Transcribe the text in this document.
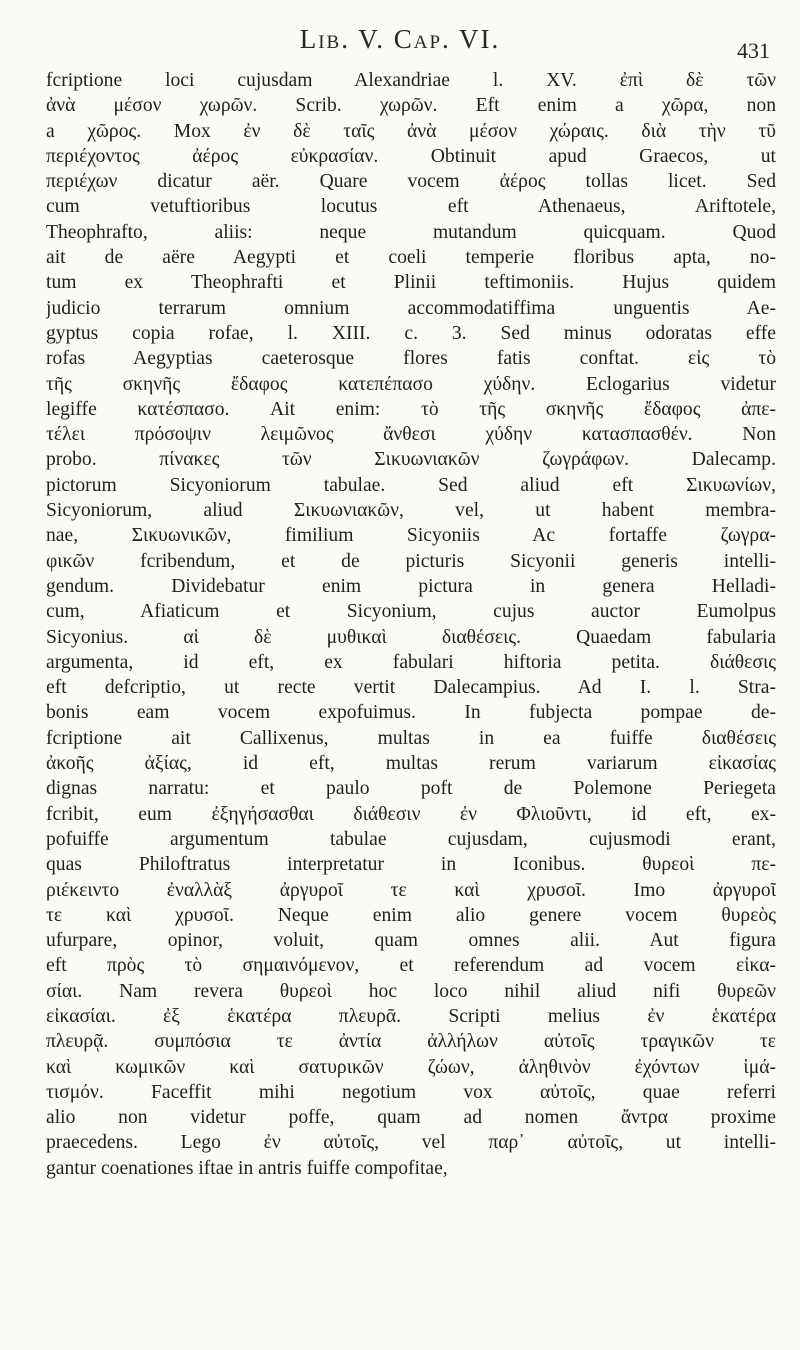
Lib. V. Cap. VI.	431
fcriptione loci cujusdam Alexandriae l. XV. ἐπὶ δὲ τῶν
ἀνὰ μέσον χωρῶν. Scrib. χωρῶν. Eft enim a χῶρα, non
a χῶρος. Mox ἐν δὲ ταῖς ἀνὰ μέσον χώραις. διὰ τὴν τῦ
περιέχοντος ἀέρος εὐκρασίαν. Obtinuit apud Graecos, ut
περιέχων dicatur aër. Quare vocem ἀέρος tollas licet. Sed
cum vetuftioribus locutus eft Athenaeus, Ariftotele,
Theophrafto, aliis: neque mutandum quicquam. Quod
ait de aëre Aegypti et coeli temperie floribus apta, no-
tum ex Theophrafti et Plinii teftimoniis. Hujus quidem
judicio terrarum omnium accommodatiffima unguentis Ae-
gyptus copia rofae, l. XIII. c. 3. Sed minus odoratas effe
rofas Aegyptias caeterosque flores fatis conftat. εἰς τὸ
τῆς σκηνῆς ἔδαφος κατεπέπασο χύδην. Eclogarius videtur
legiffe κατέσπασο. Ait enim: τὸ τῆς σκηνῆς ἔδαφος ἀπε-
τέλει πρόσοψιν λειμῶνος ἄνθεσι χύδην κατασπασθέν. Non
probo. πίνακες τῶν Σικυωνιακῶν ζωγράφων. Dalecamp.
pictorum Sicyoniorum tabulae. Sed aliud eft Σικυωνίων,
Sicyoniorum, aliud Σικυωνιακῶν, vel, ut habent membra-
nae, Σικυωνικῶν, fimilium Sicyoniis Ac fortaffe ζωγρα-
φικῶν fcribendum, et de picturis Sicyonii generis intelli-
gendum. Dividebatur enim pictura in genera Helladi-
cum, Afiaticum et Sicyonium, cujus auctor Eumolpus
Sicyonius. αἱ δὲ μυθικαὶ διαθέσεις. Quaedam fabularia
argumenta, id eft, ex fabulari hiftoria petita. διάθεσις
eft defcriptio, ut recte vertit Dalecampius. Ad I. l. Stra-
bonis eam vocem expofuimus. In fubjecta pompae de-
fcriptione ait Callixenus, multas in ea fuiffe διαθέσεις
ἀκοῆς ἀξίας, id eft, multas rerum variarum εἰκασίας
dignas narratu: et paulo poft de Polemone Periegeta
fcribit, eum ἐξηγήσασθαι διάθεσιν ἐν Φλιοῦντι, id eft, ex-
pofuiffe argumentum tabulae cujusdam, cujusmodi erant,
quas Philoftratus interpretatur in Iconibus. θυρεοὶ πε-
ριέκειντο ἐναλλὰξ ἀργυροῖ τε καὶ χρυσοῖ. Imo ἀργυροῖ
τε καὶ χρυσοῖ. Neque enim alio genere vocem θυρεὸς
ufurpare, opinor, voluit, quam omnes alii. Aut figura
eft πρὸς τὸ σημαινόμενον, et referendum ad vocem εἰκα-
σίαι. Nam revera θυρεοὶ hoc loco nihil aliud nifi θυρεῶν
εἰκασίαι. ἐξ ἑκατέρα πλευρᾶ. Scripti melius ἐν ἑκατέρα
πλευρᾷ. συμπόσια τε ἀντία ἀλλήλων αὐτοῖς τραγικῶν τε
καὶ κωμικῶν καὶ σατυρικῶν ζώων, ἀληθινὸν ἐχόντων ἱμά-
τισμόν. Faceffit mihi negotium vox αὐτοῖς, quae referri
alio non videtur poffe, quam ad nomen ἄντρα proxime
praecedens. Lego ἐν αὐτοῖς, vel παρ᾽ αὐτοῖς, ut intelli-
gantur coenationes iftae in antris fuiffe compofitae,
